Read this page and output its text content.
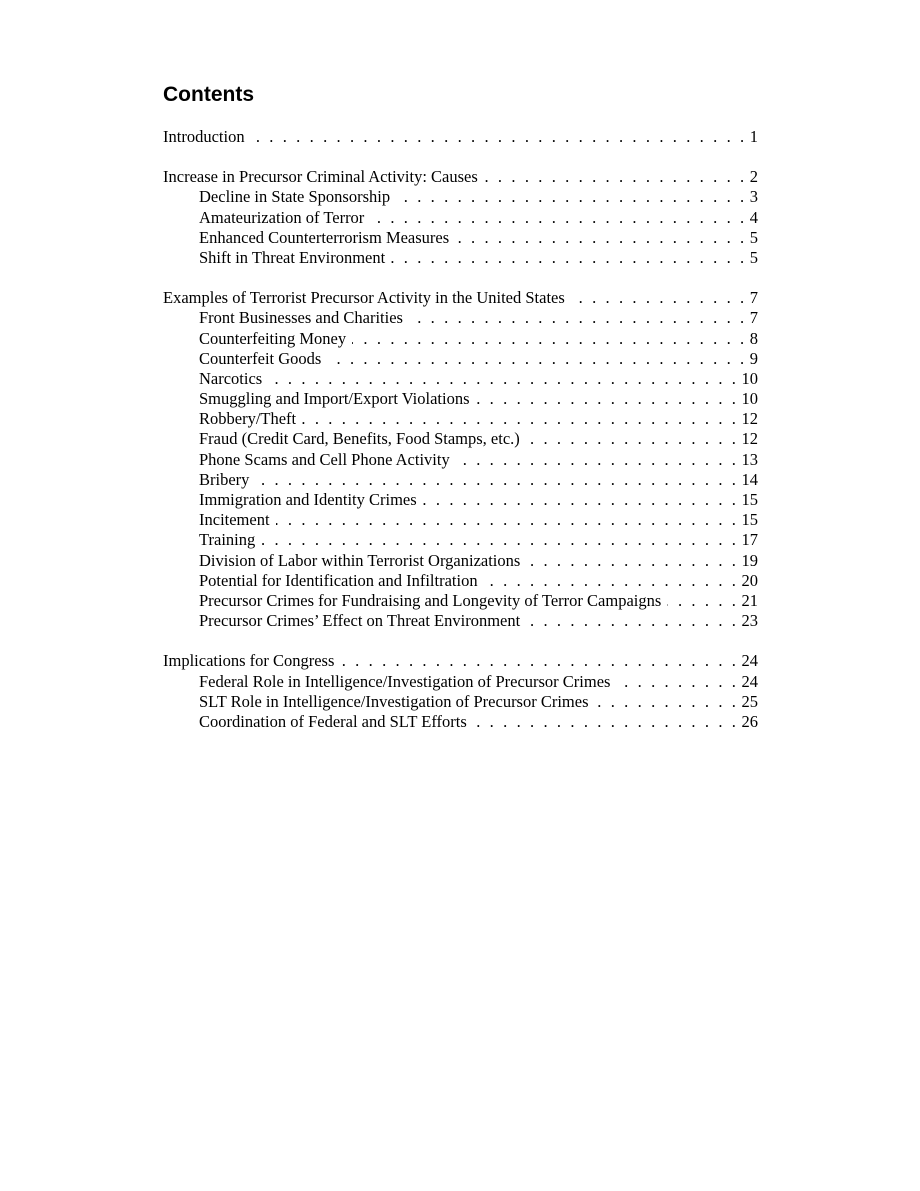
Contents
Introduction . . .	1
Increase in Precursor Criminal Activity: Causes . . .	2
Decline in State Sponsorship . . .	3
Amateurization of Terror . . .	4
Enhanced Counterterrorism Measures . . .	5
Shift in Threat Environment . . .	5
Examples of Terrorist Precursor Activity in the United States . . .	7
Front Businesses and Charities . . .	7
Counterfeiting Money . . .	8
Counterfeit Goods . . .	9
Narcotics . . .	10
Smuggling and Import/Export Violations . . .	10
Robbery/Theft . . .	12
Fraud (Credit Card, Benefits, Food Stamps, etc.) . . .	12
Phone Scams and Cell Phone Activity . . .	13
Bribery . . .	14
Immigration and Identity Crimes . . .	15
Incitement . . .	15
Training . . .	17
Division of Labor within Terrorist Organizations . . .	19
Potential for Identification and Infiltration . . .	20
Precursor Crimes for Fundraising and Longevity of Terror Campaigns . . .	21
Precursor Crimes’ Effect on Threat Environment . . .	23
Implications for Congress . . .	24
Federal Role in Intelligence/Investigation of Precursor Crimes . . .	24
SLT Role in Intelligence/Investigation of Precursor Crimes . . .	25
Coordination of Federal and SLT Efforts . . .	26
